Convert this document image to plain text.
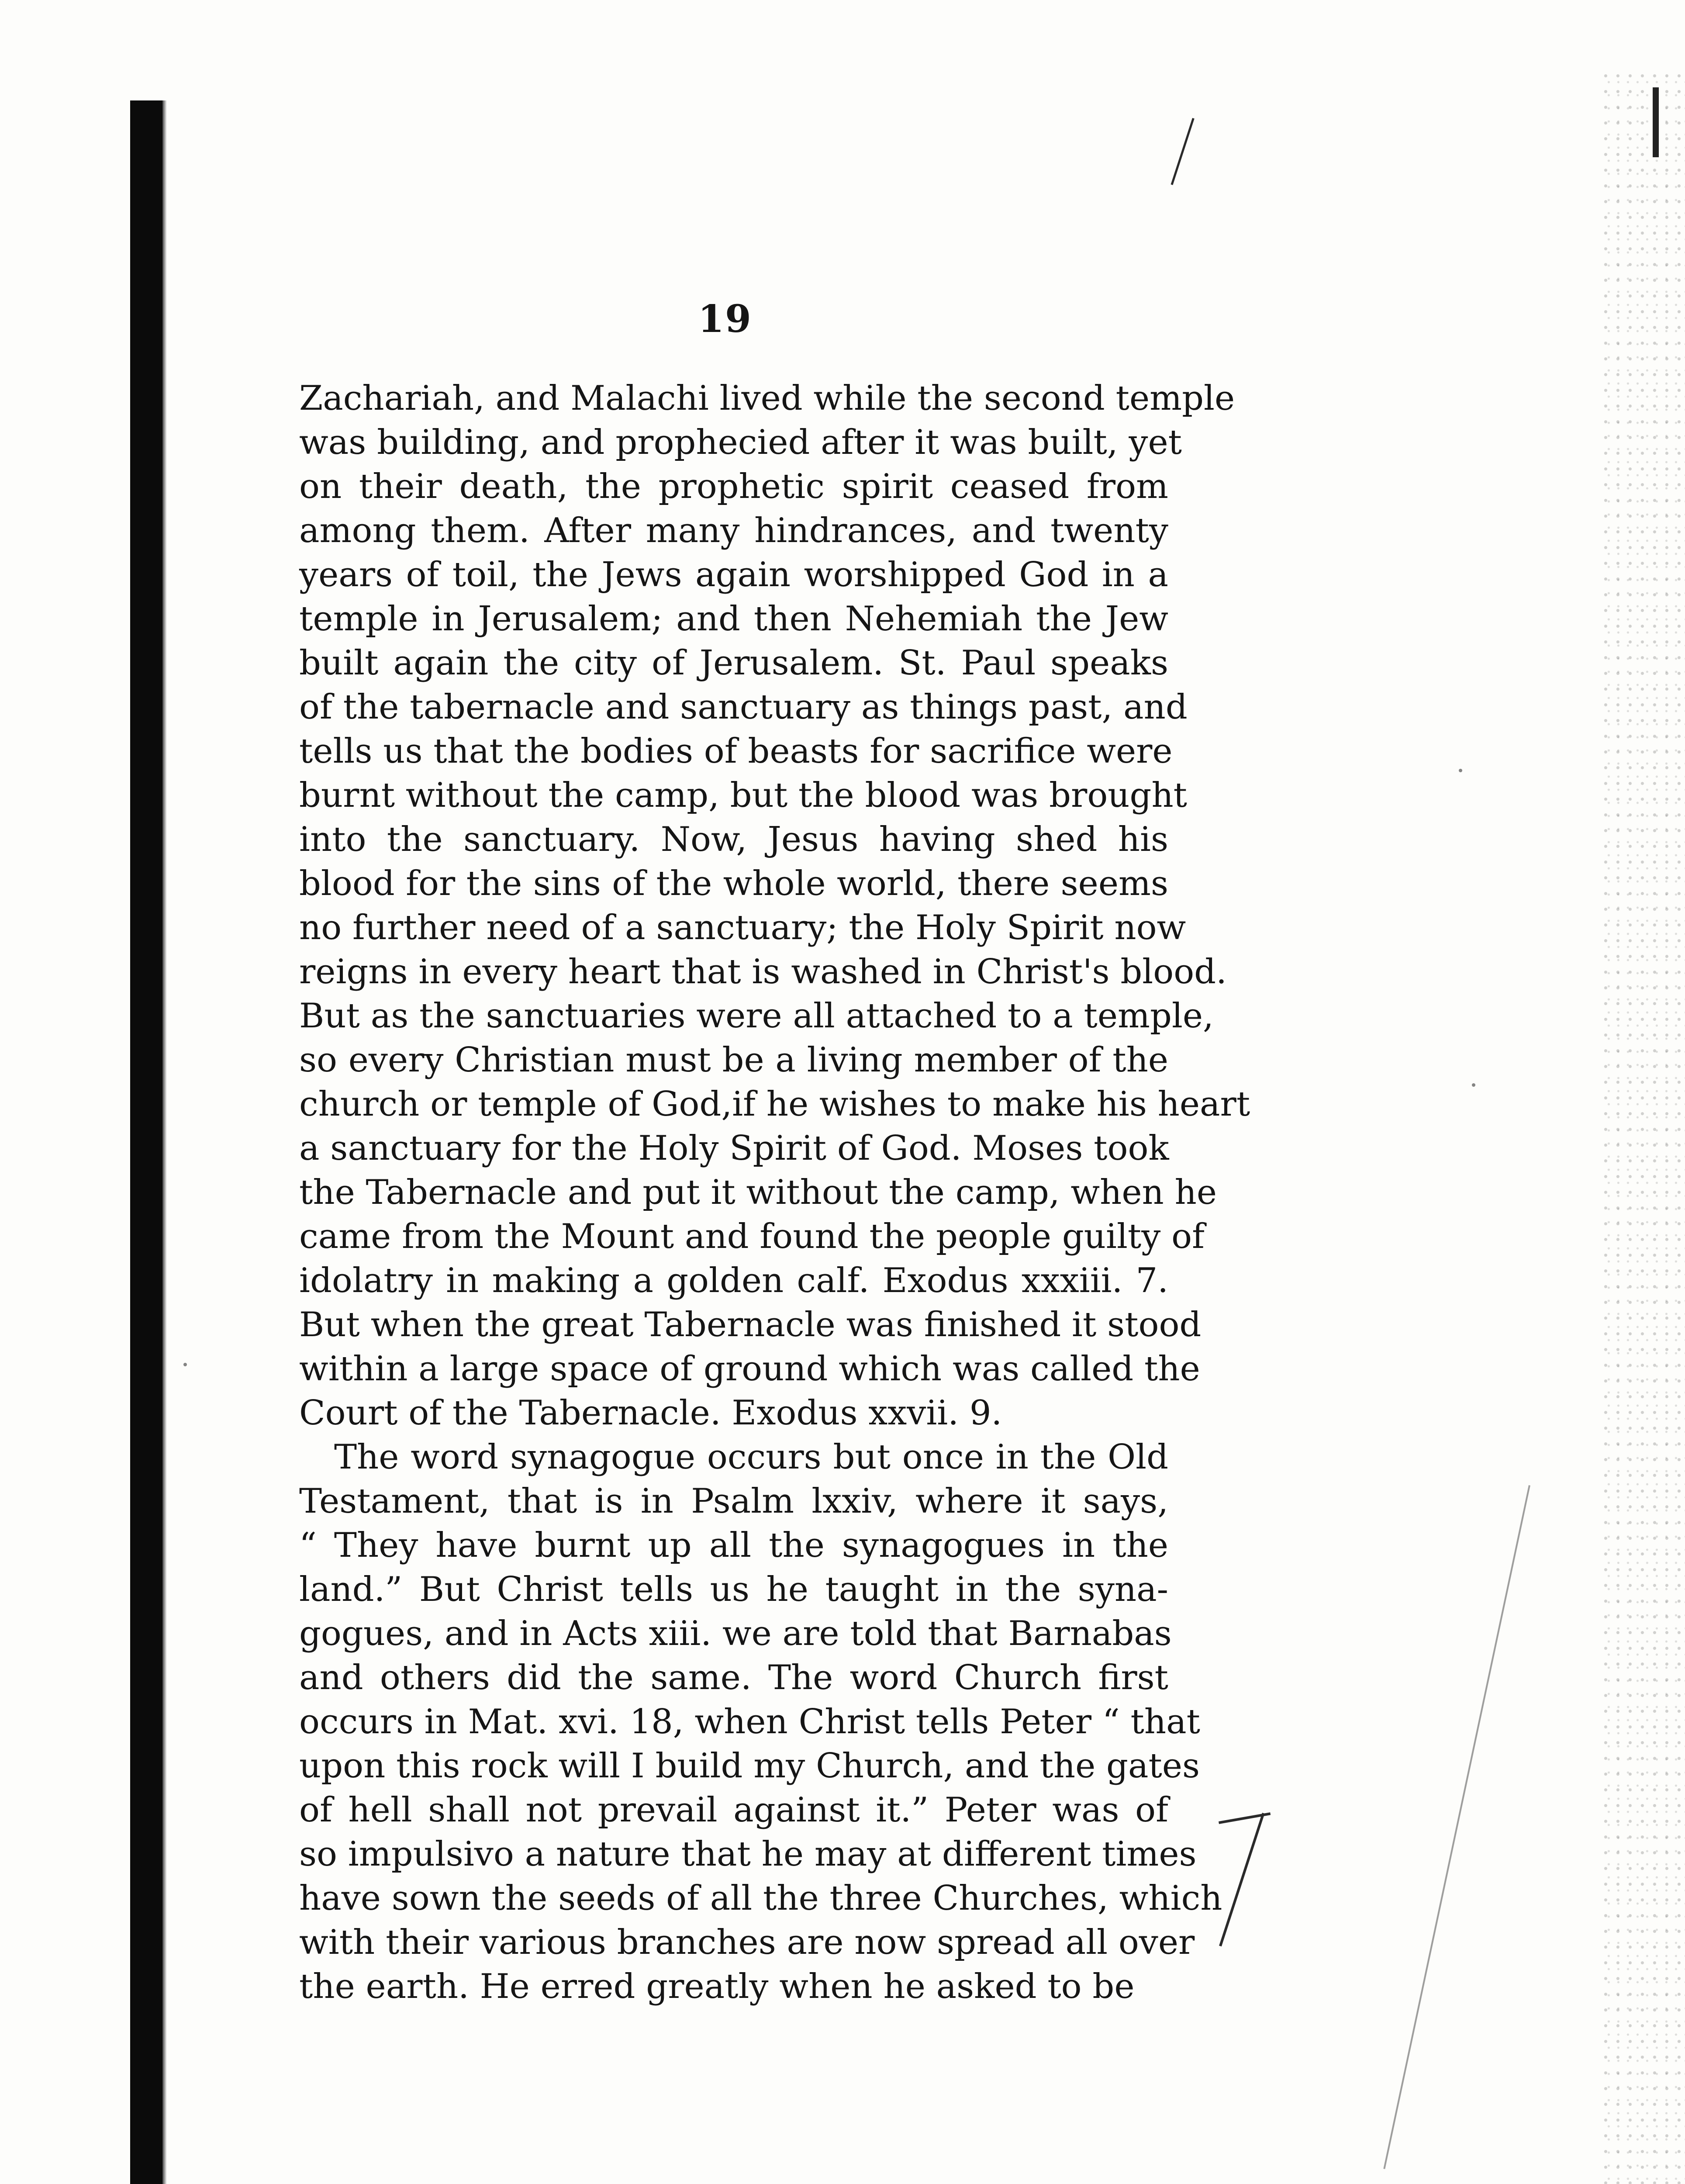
19
Zachariah, and Malachi lived while the second temple
was building, and prophecied after it was built, yet
on their death, the prophetic spirit ceased from
among them. After many hindrances, and twenty
years of toil, the Jews again worshipped God in a
temple in Jerusalem; and then Nehemiah the Jew
built again the city of Jerusalem. St. Paul speaks
of the tabernacle and sanctuary as things past, and
tells us that the bodies of beasts for sacrifice were
burnt without the camp, but the blood was brought
into the sanctuary. Now, Jesus having shed his
blood for the sins of the whole world, there seems
no further need of a sanctuary; the Holy Spirit now
reigns in every heart that is washed in Christ's blood.
But as the sanctuaries were all attached to a temple,
so every Christian must be a living member of the
church or temple of God,if he wishes to make his heart
a sanctuary for the Holy Spirit of God. Moses took
the Tabernacle and put it without the camp, when he
came from the Mount and found the people guilty of
idolatry in making a golden calf. Exodus xxxiii. 7.
But when the great Tabernacle was finished it stood
within a large space of ground which was called the
Court of the Tabernacle. Exodus xxvii. 9.
The word synagogue occurs but once in the Old
Testament, that is in Psalm lxxiv, where it says,
“ They have burnt up all the synagogues in the
land.” But Christ tells us he taught in the syna-
gogues, and in Acts xiii. we are told that Barnabas
and others did the same. The word Church first
occurs in Mat. xvi. 18, when Christ tells Peter “ that
upon this rock will I build my Church, and the gates
of hell shall not prevail against it.” Peter was of
so impulsivo a nature that he may at different times
have sown the seeds of all the three Churches, which
with their various branches are now spread all over
the earth. He erred greatly when he asked to be
